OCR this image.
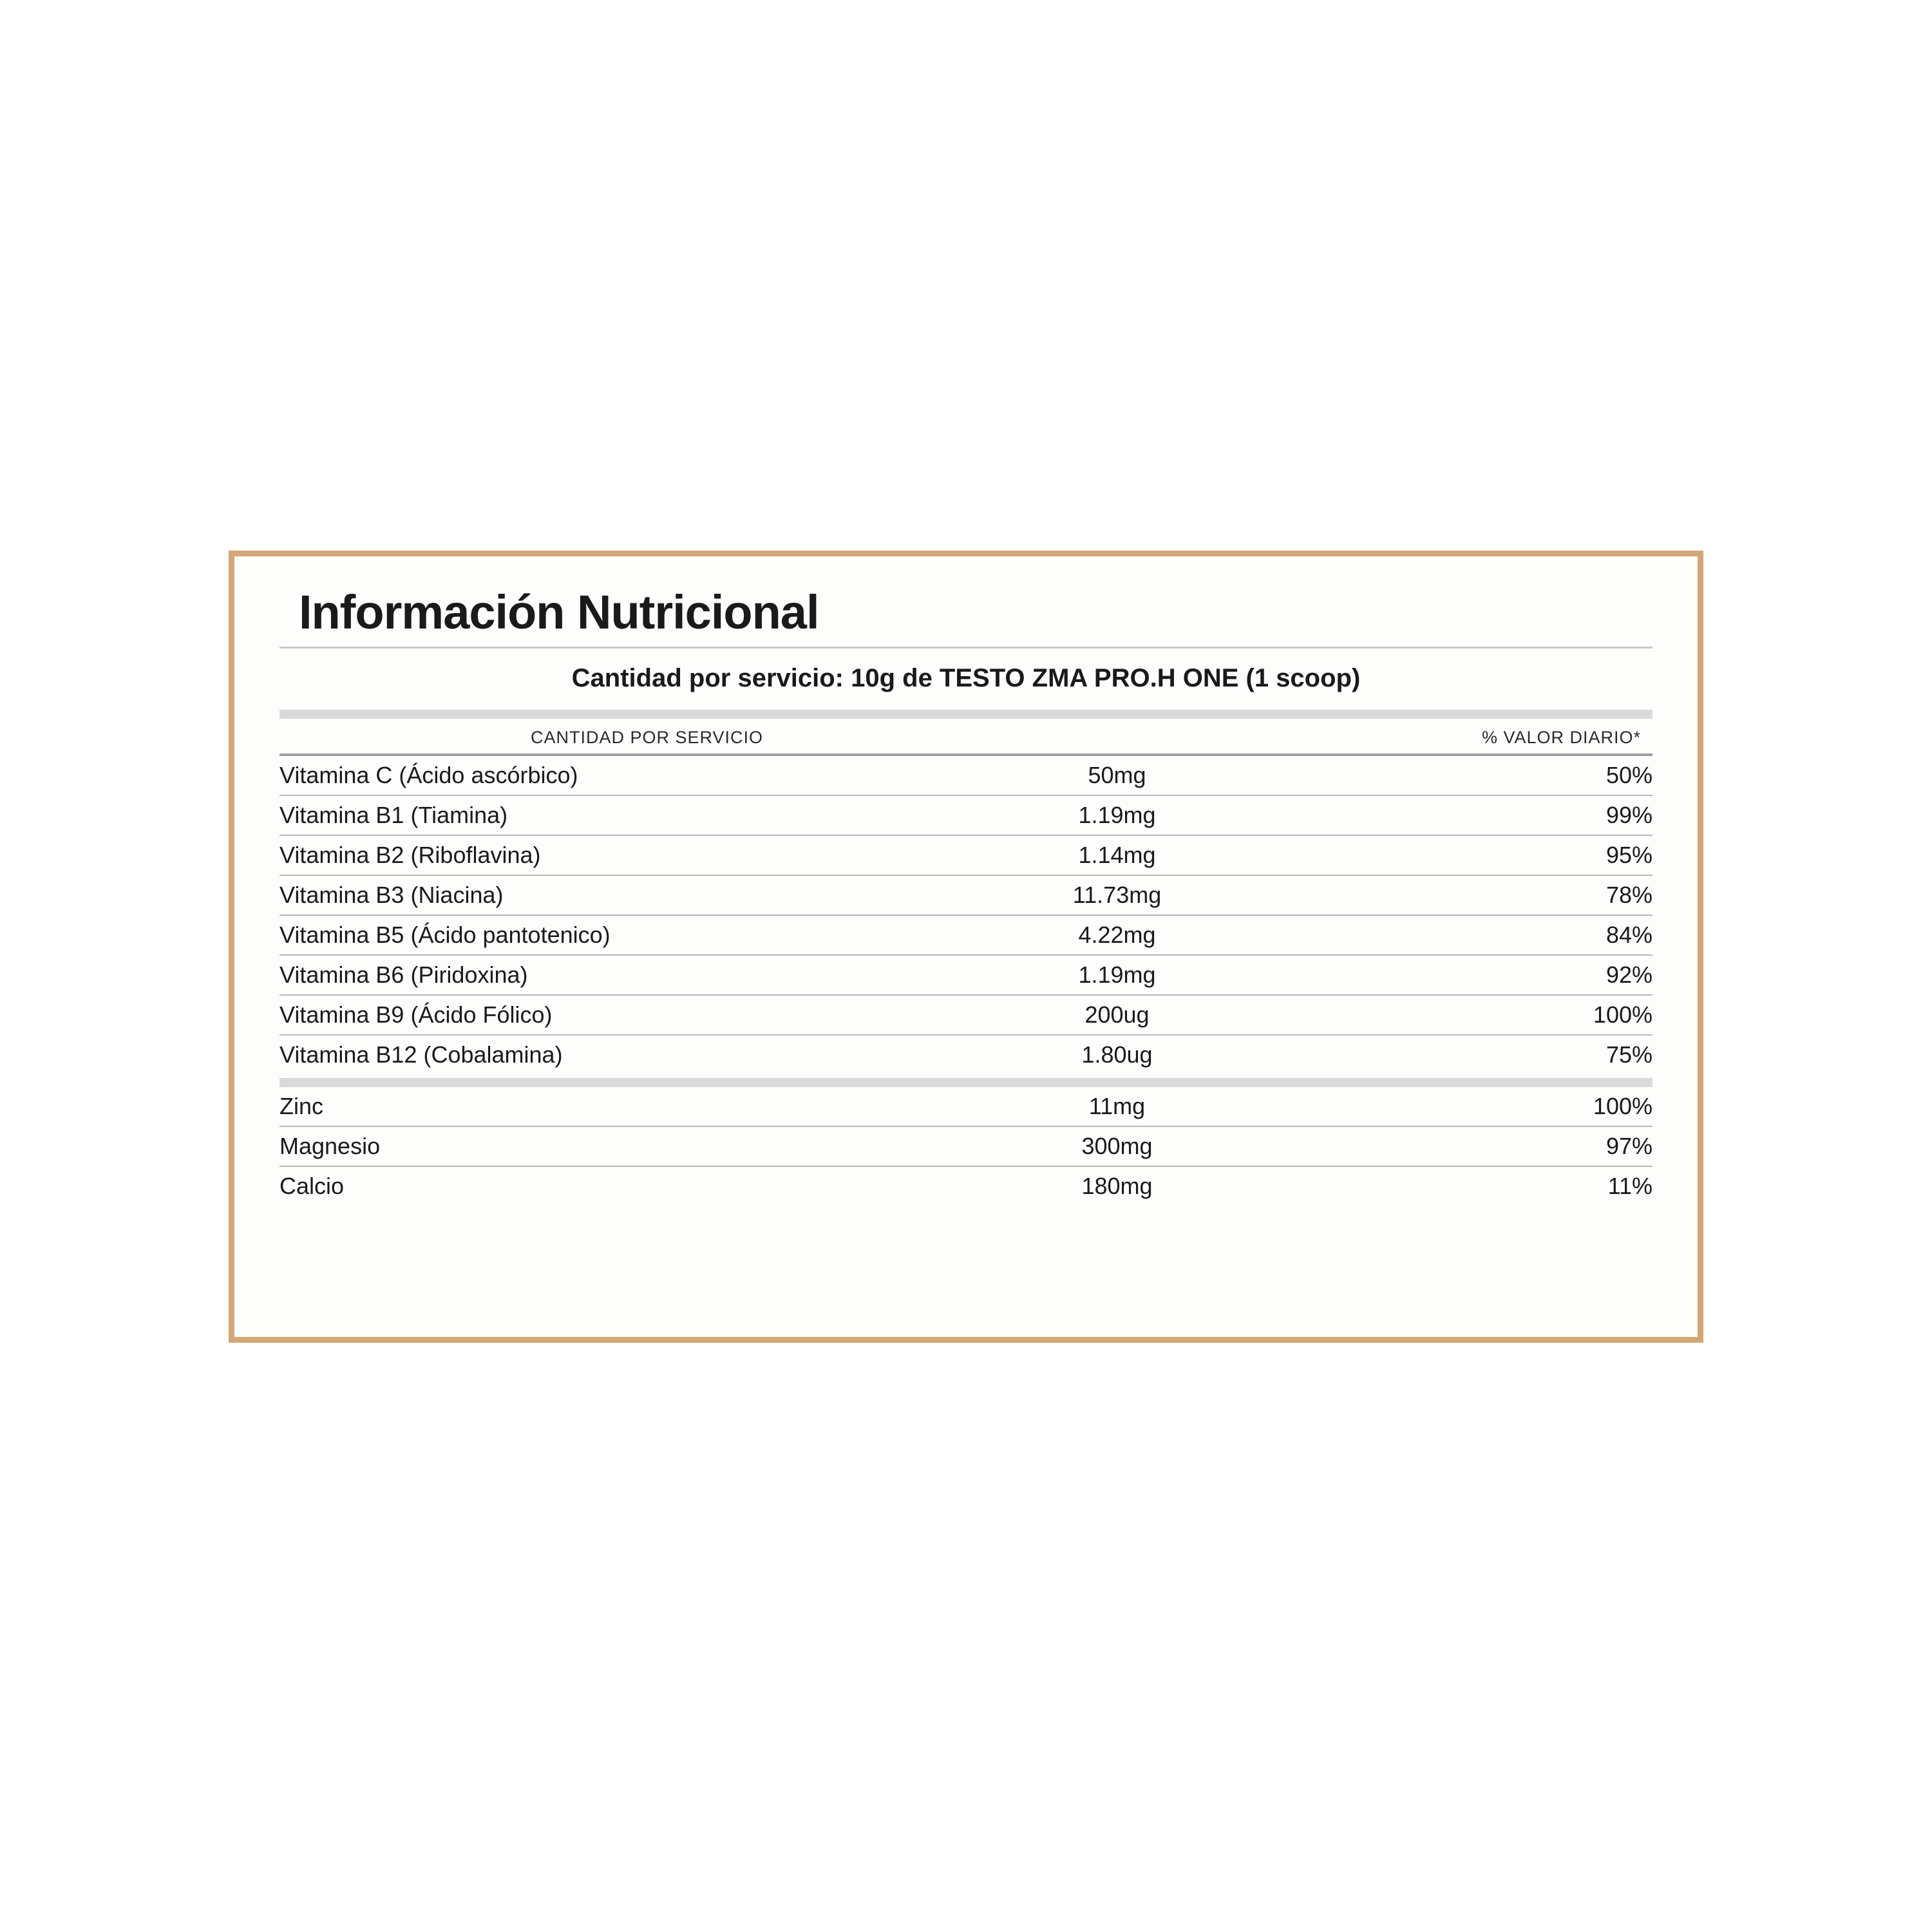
Información Nutricional
Cantidad por servicio: 10g de TESTO ZMA PRO.H ONE (1 scoop)
CANTIDAD POR SERVICIO	% VALOR DIARIO*
Vitamina C (Ácido ascórbico)	50mg	50%
Vitamina B1 (Tiamina)	1.19mg	99%
Vitamina B2 (Riboflavina)	1.14mg	95%
Vitamina B3 (Niacina)	11.73mg	78%
Vitamina B5 (Ácido pantotenico)	4.22mg	84%
Vitamina B6 (Piridoxina)	1.19mg	92%
Vitamina B9 (Ácido Fólico)	200ug	100%
Vitamina B12 (Cobalamina)	1.80ug	75%
Zinc	11mg	100%
Magnesio	300mg	97%
Calcio	180mg	11%
